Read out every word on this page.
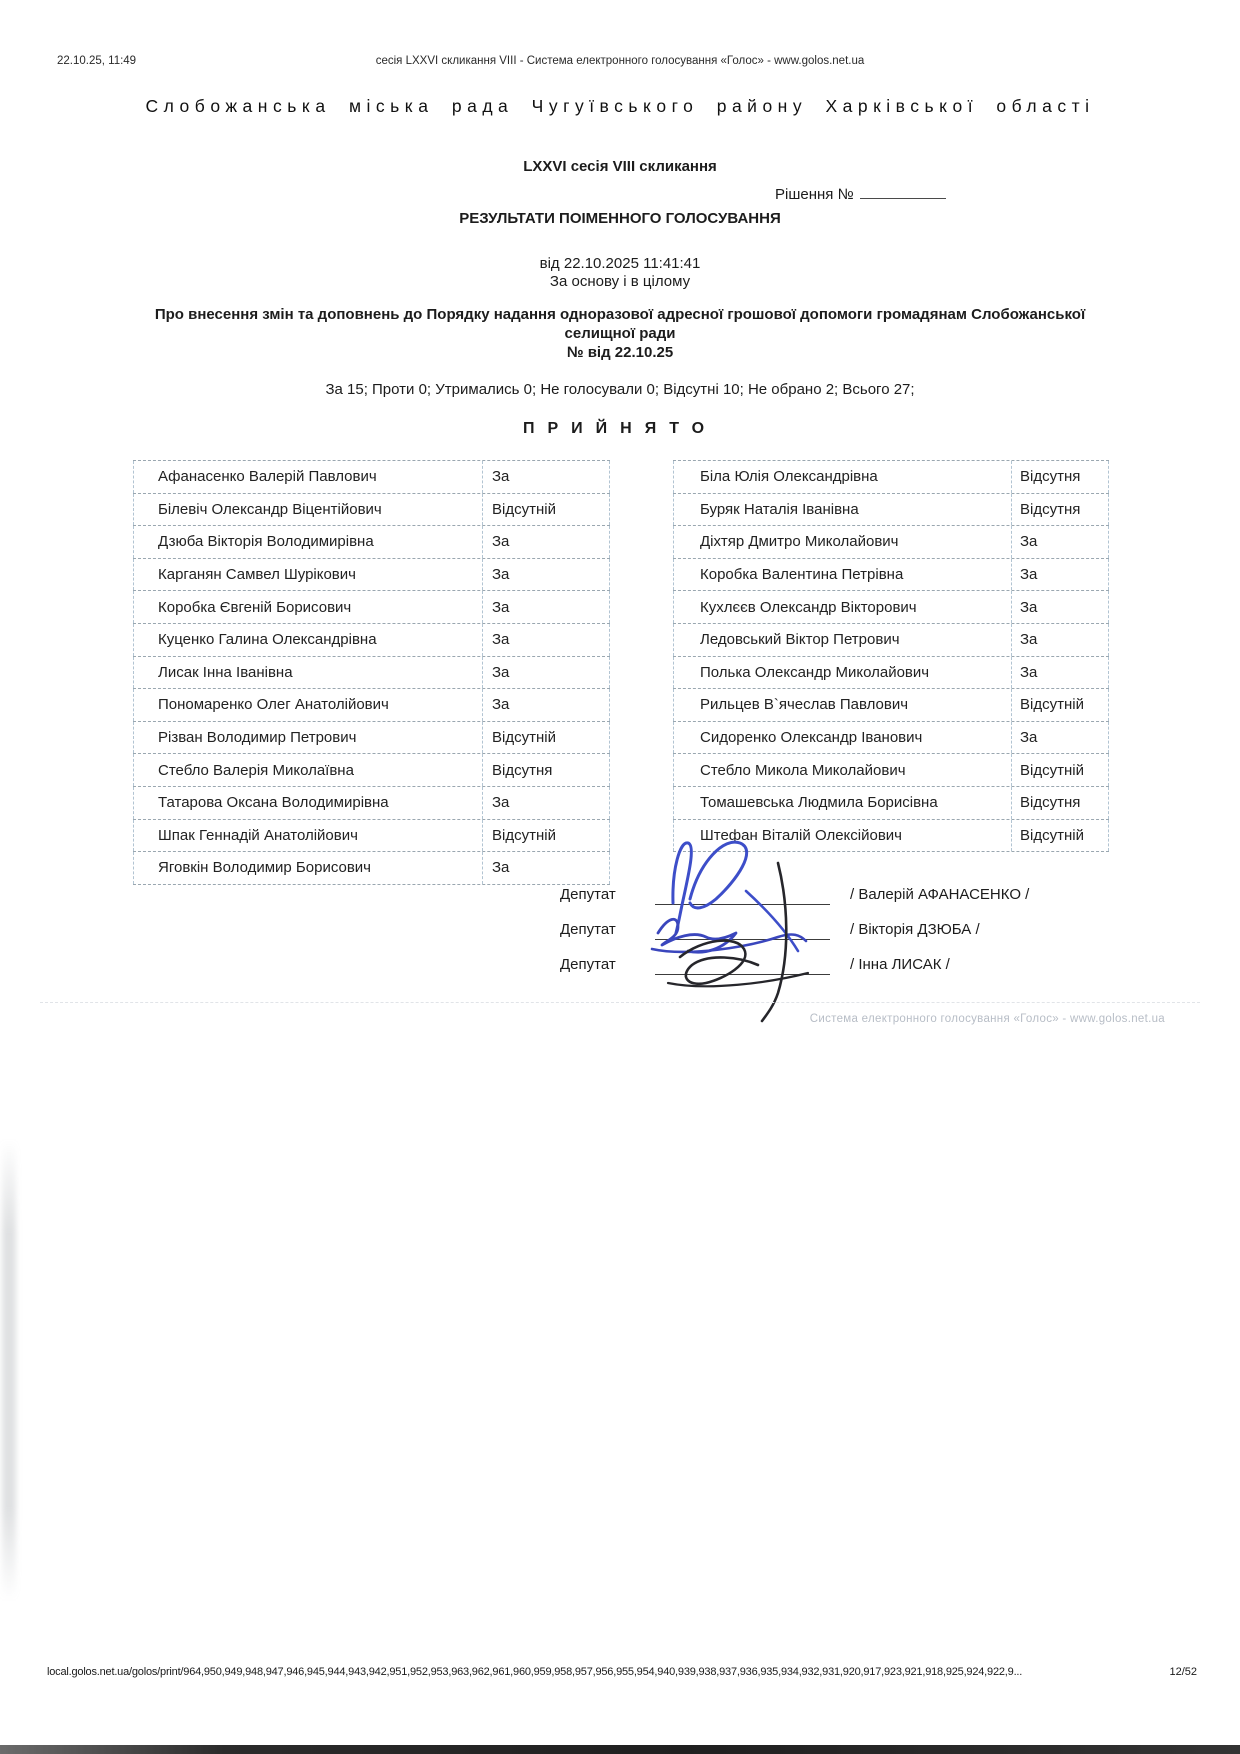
22.10.25, 11:49	сесія LXXVI скликання VIII - Система електронного голосування «Голос» - www.golos.net.ua
Слобожанська міська рада Чугуївського району Харківської області
LXXVI сесія VIII скликання
Рішення №
РЕЗУЛЬТАТИ ПОІМЕННОГО ГОЛОСУВАННЯ
від 22.10.2025 11:41:41
За основу і в цілому
Про внесення змін та доповнень до Порядку надання одноразової адресної грошової допомоги громадянам Слобожанської селищної ради
№ від 22.10.25
За 15; Проти 0; Утримались 0; Не голосували 0; Відсутні 10; Не обрано 2; Всього 27;
ПРИЙНЯТО
Афанасенко Валерій Павлович	За
Білевіч Олександр Віцентійович	Відсутній
Дзюба Вікторія Володимирівна	За
Карганян Самвел Шурікович	За
Коробка Євгеній Борисович	За
Куценко Галина Олександрівна	За
Лисак Інна Іванівна	За
Пономаренко Олег Анатолійович	За
Різван Володимир Петрович	Відсутній
Стебло Валерія Миколаївна	Відсутня
Татарова Оксана Володимирівна	За
Шпак Геннадій Анатолійович	Відсутній
Яговкін Володимир Борисович	За
Біла Юлія Олександрівна	Відсутня
Буряк Наталія Іванівна	Відсутня
Діхтяр Дмитро Миколайович	За
Коробка Валентина Петрівна	За
Кухлєєв Олександр Вікторович	За
Ледовський Віктор Петрович	За
Полька Олександр Миколайович	За
Рильцев В`ячеслав Павлович	Відсутній
Сидоренко Олександр Іванович	За
Стебло Микола Миколайович	Відсутній
Томашевська Людмила Борисівна	Відсутня
Штефан Віталій Олексійович	Відсутній
Депутат	/ Валерій АФАНАСЕНКО /
Депутат	/ Вікторія ДЗЮБА /
Депутат	/ Інна ЛИСАК /
Система електронного голосування «Голос» - www.golos.net.ua
local.golos.net.ua/golos/print/964,950,949,948,947,946,945,944,943,942,951,952,953,963,962,961,960,959,958,957,956,955,954,940,939,938,937,936,935,934,932,931,920,917,923,921,918,925,924,922,9...	12/52
